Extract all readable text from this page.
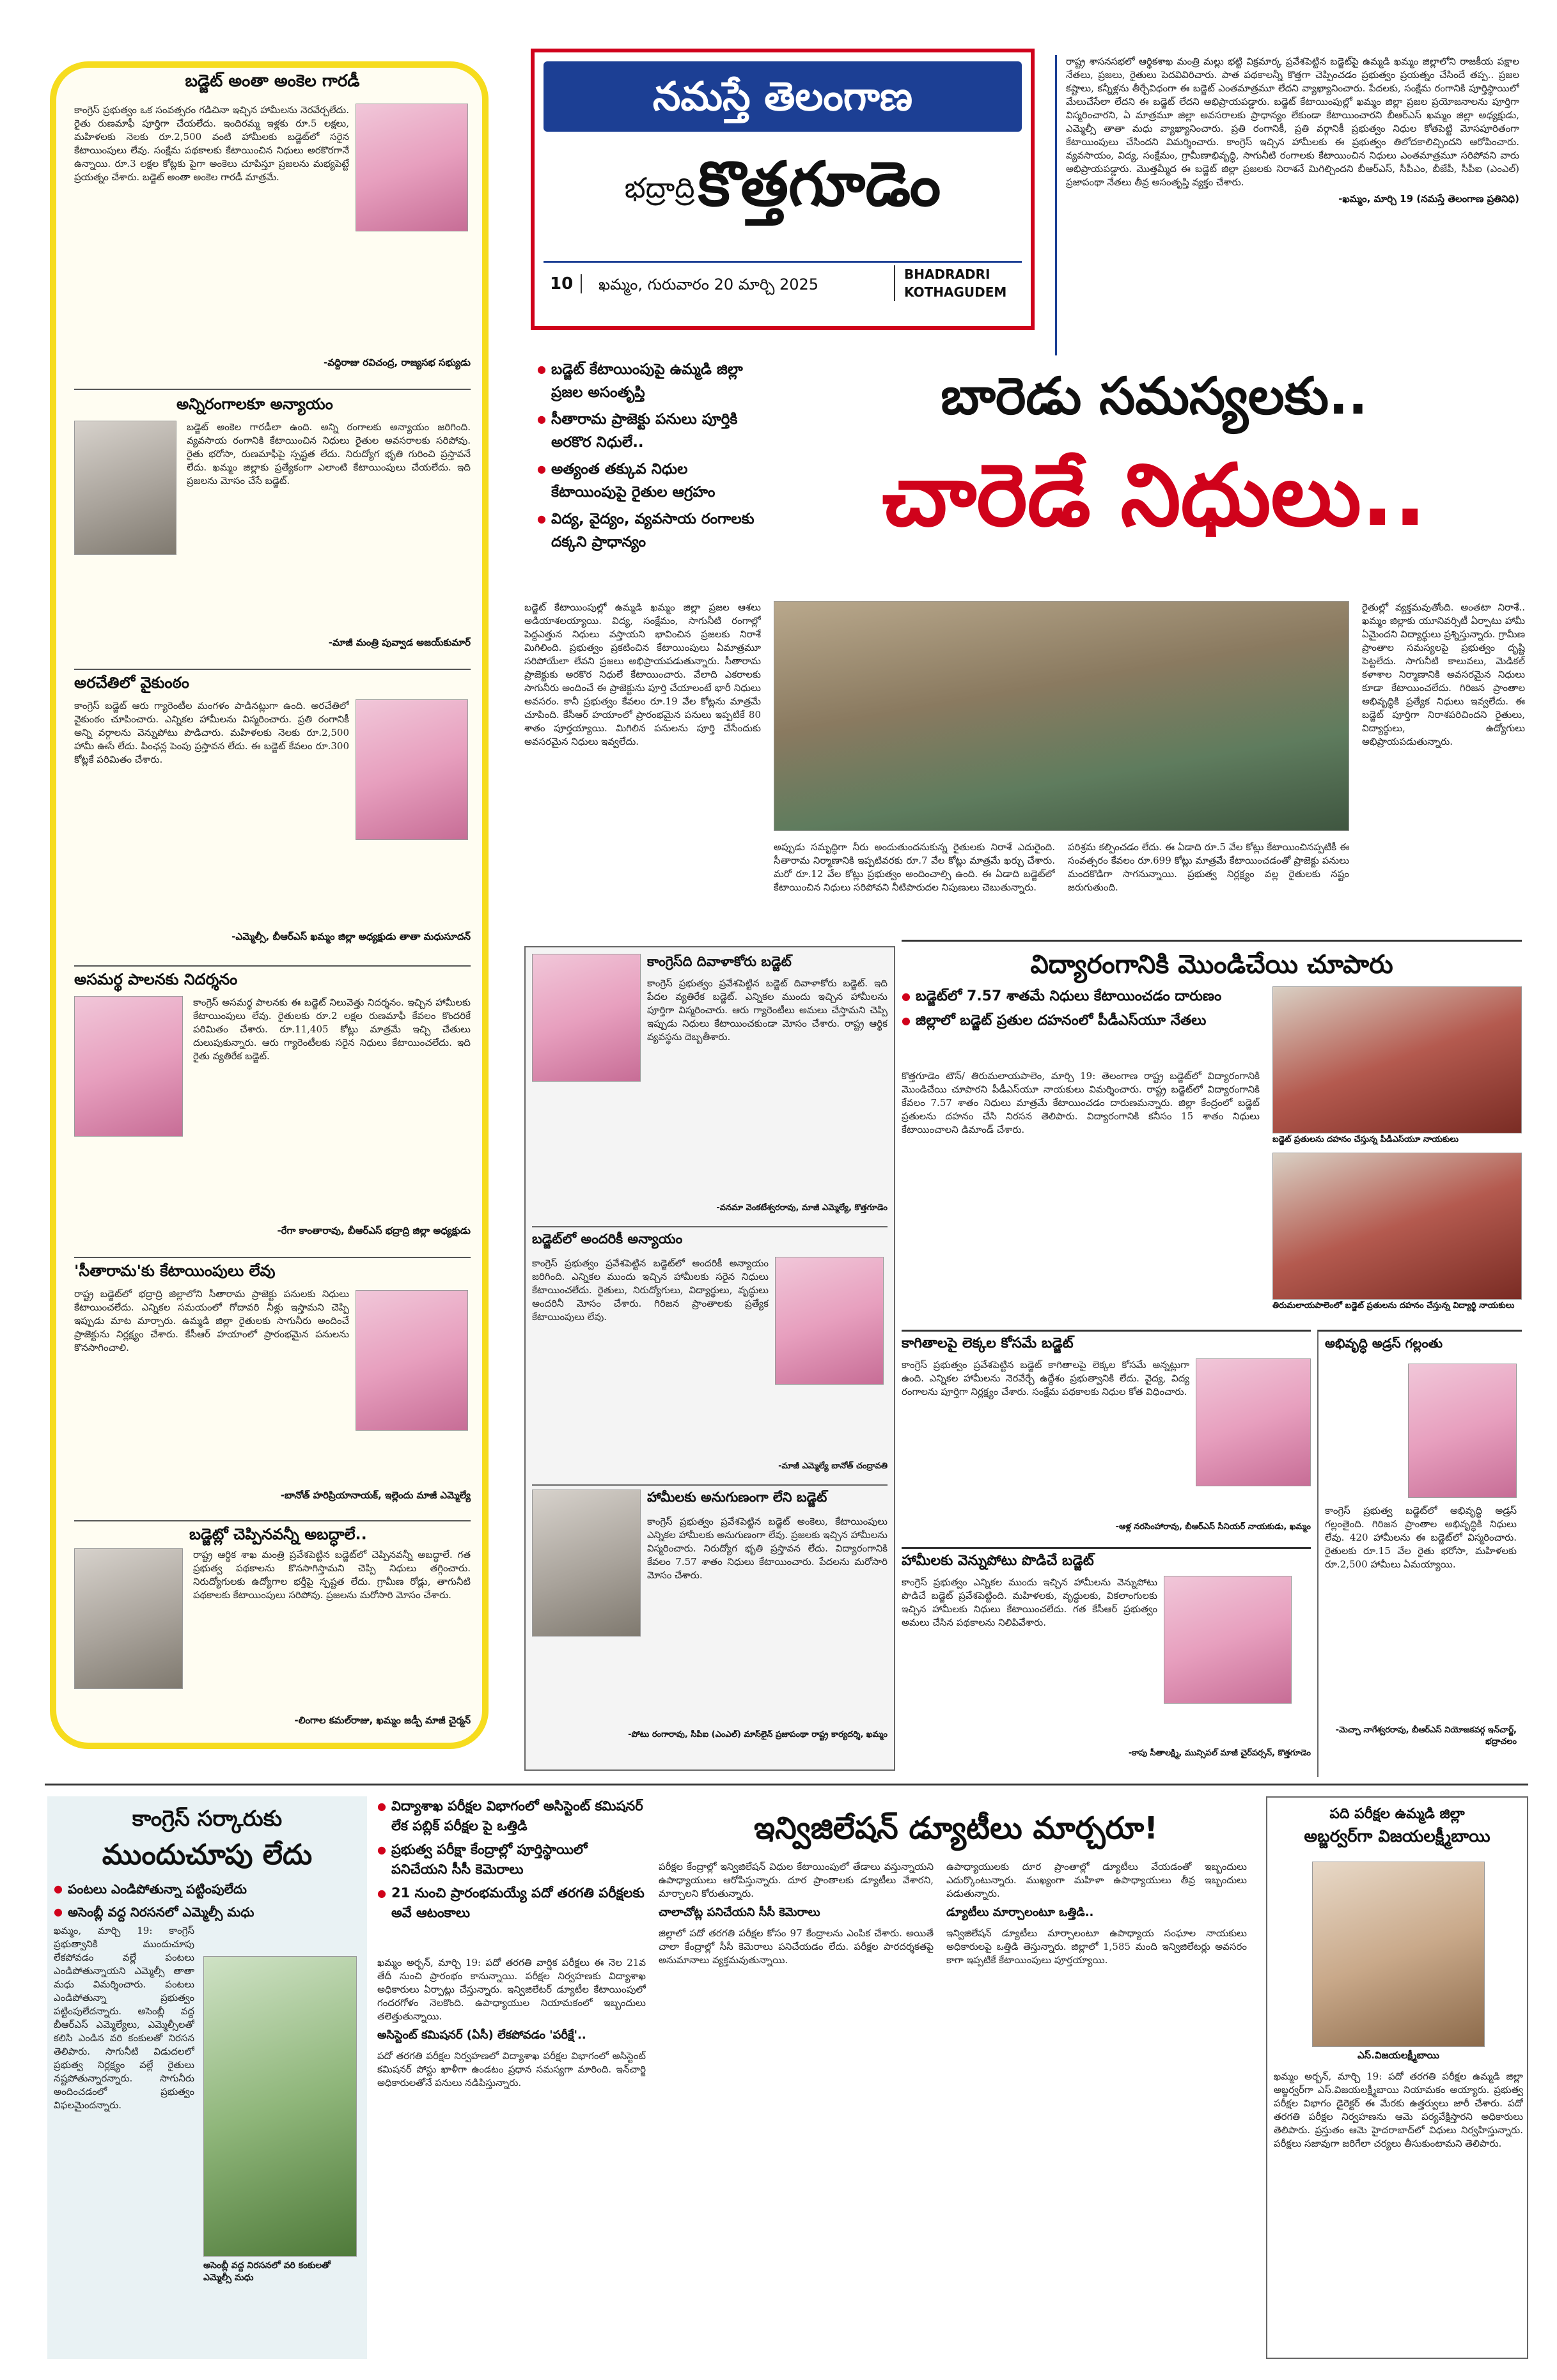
బడ్జెట్ అంతా అంకెల గారడీ
కాంగ్రెస్ ప్రభుత్వం ఒక సంవత్సరం గడిచినా ఇచ్చిన హామీలను నెరవేర్చలేదు. రైతు రుణమాఫీ పూర్తిగా చేయలేదు. ఇందిరమ్మ ఇళ్లకు రూ.5 లక్షలు, మహిళలకు నెలకు రూ.2,500 వంటి హామీలకు బడ్జెట్‌లో సరైన కేటాయింపులు లేవు. సంక్షేమ పథకాలకు కేటాయించిన నిధులు అరకొరగానే ఉన్నాయి. రూ.3 లక్షల కోట్లకు పైగా అంకెలు చూపిస్తూ ప్రజలను మభ్యపెట్టే ప్రయత్నం చేశారు. బడ్జెట్ అంతా అంకెల గారడీ మాత్రమే.
-వద్దిరాజు రవిచంద్ర, రాజ్యసభ సభ్యుడు
అన్నిరంగాలకూ అన్యాయం
బడ్జెట్ అంకెల గారడీలా ఉంది. అన్ని రంగాలకు అన్యాయం జరిగింది. వ్యవసాయ రంగానికి కేటాయించిన నిధులు రైతుల అవసరాలకు సరిపోవు. రైతు భరోసా, రుణమాఫీపై స్పష్టత లేదు. నిరుద్యోగ భృతి గురించి ప్రస్తావనే లేదు. ఖమ్మం జిల్లాకు ప్రత్యేకంగా ఎలాంటి కేటాయింపులు చేయలేదు. ఇది ప్రజలను మోసం చేసే బడ్జెట్.
-మాజీ మంత్రి పువ్వాడ అజయ్‌కుమార్
అరచేతిలో వైకుంఠం
కాంగ్రెస్ బడ్జెట్ ఆరు గ్యారెంటీల మంగళం పాడినట్లుగా ఉంది. అరచేతిలో వైకుంఠం చూపించారు. ఎన్నికల హామీలను విస్మరించారు. ప్రతి రంగానికీ అన్ని వర్గాలను వెన్నుపోటు పొడిచారు. మహిళలకు నెలకు రూ.2,500 హామీ ఊసే లేదు. పింఛన్ల పెంపు ప్రస్తావన లేదు. ఈ బడ్జెట్ కేవలం రూ.300 కోట్లకే పరిమితం చేశారు.
-ఎమ్మెల్సీ, బీఆర్ఎస్ ఖమ్మం జిల్లా అధ్యక్షుడు తాతా మధుసూదన్
అసమర్థ పాలనకు నిదర్శనం
కాంగ్రెస్ అసమర్థ పాలనకు ఈ బడ్జెట్ నిలువెత్తు నిదర్శనం. ఇచ్చిన హామీలకు కేటాయింపులు లేవు. రైతులకు రూ.2 లక్షల రుణమాఫీ కేవలం కొందరికే పరిమితం చేశారు. రూ.11,405 కోట్లు మాత్రమే ఇచ్చి చేతులు దులుపుకున్నారు. ఆరు గ్యారెంటీలకు సరైన నిధులు కేటాయించలేదు. ఇది రైతు వ్యతిరేక బడ్జెట్.
-రేగా కాంతారావు, బీఆర్ఎస్ భద్రాద్రి జిల్లా అధ్యక్షుడు
'సీతారామ'కు కేటాయింపులు లేవు
రాష్ట్ర బడ్జెట్‌లో భద్రాద్రి జిల్లాలోని సీతారామ ప్రాజెక్టు పనులకు నిధులు కేటాయించలేదు. ఎన్నికల సమయంలో గోదావరి నీళ్లు ఇస్తామని చెప్పి ఇప్పుడు మాట మార్చారు. ఉమ్మడి జిల్లా రైతులకు సాగునీరు అందించే ప్రాజెక్టును నిర్లక్ష్యం చేశారు. కేసీఆర్ హయాంలో ప్రారంభమైన పనులను కొనసాగించాలి.
-బానోత్ హరిప్రియానాయక్, ఇల్లెందు మాజీ ఎమ్మెల్యే
బడ్జెట్లో చెప్పినవన్నీ అబద్ధాలే..
రాష్ట్ర ఆర్థిక శాఖ మంత్రి ప్రవేశపెట్టిన బడ్జెట్‌లో చెప్పినవన్నీ అబద్ధాలే. గత ప్రభుత్వ పథకాలను కొనసాగిస్తామని చెప్పి నిధులు తగ్గించారు. నిరుద్యోగులకు ఉద్యోగాల భర్తీపై స్పష్టత లేదు. గ్రామీణ రోడ్లు, తాగునీటి పథకాలకు కేటాయింపులు సరిపోవు. ప్రజలను మరోసారి మోసం చేశారు.
-లింగాల కమల్‌రాజు, ఖమ్మం జడ్పీ మాజీ చైర్మన్
నమస్తే తెలంగాణ
భద్రాద్రి కొత్తగూడెం
10	ఖమ్మం, గురువారం 20 మార్చి 2025
BHADRADRI
KOTHAGUDEM
రాష్ట్ర శాసనసభలో ఆర్థికశాఖ మంత్రి మల్లు భట్టి విక్రమార్క ప్రవేశపెట్టిన బడ్జెట్‌పై ఉమ్మడి ఖమ్మం జిల్లాలోని రాజకీయ పక్షాల నేతలు, ప్రజలు, రైతులు పెదవివిరిచారు. పాత పథకాలన్నీ కొత్తగా చెప్పించడం ప్రభుత్వం ప్రయత్నం చేసిందే తప్ప.. ప్రజల కష్టాలు, కన్నీళ్లను తీర్చేవిధంగా ఈ బడ్జెట్ ఎంతమాత్రమూ లేదని వ్యాఖ్యానించారు. పేదలకు, సంక్షేమ రంగానికి పూర్తిస్థాయిలో మేలుచేసేలా లేదని ఈ బడ్జెట్ లేదని అభిప్రాయపడ్డారు. బడ్జెట్ కేటాయింపుల్లో ఖమ్మం జిల్లా ప్రజల ప్రయోజనాలను పూర్తిగా విస్మరించారని, ఏ మాత్రమూ జిల్లా అవసరాలకు ప్రాధాన్యం లేకుండా కేటాయించారని బీఆర్ఎస్ ఖమ్మం జిల్లా అధ్యక్షుడు, ఎమ్మెల్సీ తాతా మధు వ్యాఖ్యానించారు. ప్రతి రంగానికీ, ప్రతి వర్గానికీ ప్రభుత్వం నిధుల కోతపెట్టి మోసపూరితంగా కేటాయింపులు చేసిందని విమర్శించారు. కాంగ్రెస్ ఇచ్చిన హామీలకు ఈ ప్రభుత్వం తిలోదకాలిచ్చిందని ఆరోపించారు. వ్యవసాయం, విద్య, సంక్షేమం, గ్రామీణాభివృద్ధి, సాగునీటి రంగాలకు కేటాయించిన నిధులు ఎంతమాత్రమూ సరిపోవని వారు అభిప్రాయపడ్డారు. మొత్తమ్మీద ఈ బడ్జెట్ జిల్లా ప్రజలకు నిరాశనే మిగిల్చిందని బీఆర్ఎస్, సీపీఎం, బీజేపీ, సీపీఐ (ఎంఎల్) ప్రజాపంథా నేతలు తీవ్ర అసంతృప్తి వ్యక్తం చేశారు.
-ఖమ్మం, మార్చి 19 (నమస్తే తెలంగాణ ప్రతినిధి)
● బడ్జెట్ కేటాయింపుపై ఉమ్మడి జిల్లా ప్రజల అసంతృప్తి
● సీతారామ ప్రాజెక్టు పనులు పూర్తికి అరకొర నిధులే..
● అత్యంత తక్కువ నిధుల కేటాయింపుపై రైతుల ఆగ్రహం
● విద్య, వైద్యం, వ్యవసాయ రంగాలకు దక్కని ప్రాధాన్యం
బారెడు సమస్యలకు..
చారెడే నిధులు..
బడ్జెట్ కేటాయింపుల్లో ఉమ్మడి ఖమ్మం జిల్లా ప్రజల ఆశలు అడియాశలయ్యాయి. విద్య, సంక్షేమం, సాగునీటి రంగాల్లో పెద్దఎత్తున నిధులు వస్తాయని భావించిన ప్రజలకు నిరాశే మిగిలింది. ప్రభుత్వం ప్రకటించిన కేటాయింపులు ఏమాత్రమూ సరిపోయేలా లేవని ప్రజలు అభిప్రాయపడుతున్నారు. సీతారామ ప్రాజెక్టుకు అరకొర నిధులే కేటాయించారు. వేలాది ఎకరాలకు సాగునీరు అందించే ఈ ప్రాజెక్టును పూర్తి చేయాలంటే భారీ నిధులు అవసరం. కానీ ప్రభుత్వం కేవలం రూ.19 వేల కోట్లను మాత్రమే చూపింది. కేసీఆర్ హయాంలో ప్రారంభమైన పనులు ఇప్పటికే 80 శాతం పూర్తయ్యాయి. మిగిలిన పనులను పూర్తి చేసేందుకు అవసరమైన నిధులు ఇవ్వలేదు.
అప్పుడు సమృద్ధిగా నీరు అందుతుందనుకున్న రైతులకు నిరాశే ఎదురైంది. సీతారామ నిర్మాణానికి ఇప్పటివరకు రూ.7 వేల కోట్లు మాత్రమే ఖర్చు చేశారు. మరో రూ.12 వేల కోట్లు ప్రభుత్వం అందించాల్సి ఉంది. ఈ ఏడాది బడ్జెట్‌లో కేటాయించిన నిధులు సరిపోవని నీటిపారుదల నిపుణులు చెబుతున్నారు.
పరిశ్రమ కల్పించడం లేదు. ఈ ఏడాది రూ.5 వేల కోట్లు కేటాయించినప్పటికీ ఈ సంవత్సరం కేవలం రూ.699 కోట్లు మాత్రమే కేటాయించడంతో ప్రాజెక్టు పనులు మందకొడిగా సాగనున్నాయి. ప్రభుత్వ నిర్లక్ష్యం వల్ల రైతులకు నష్టం జరుగుతుంది.
రైతుల్లో వ్యక్తమవుతోంది. అంతటా నిరాశే.. ఖమ్మం జిల్లాకు యూనివర్సిటీ ఏర్పాటు హామీ ఏమైందని విద్యార్థులు ప్రశ్నిస్తున్నారు. గ్రామీణ ప్రాంతాల సమస్యలపై ప్రభుత్వం దృష్టి పెట్టలేదు. సాగునీటి కాలువలు, మెడికల్ కళాశాల నిర్మాణానికి అవసరమైన నిధులు కూడా కేటాయించలేదు. గిరిజన ప్రాంతాల అభివృద్ధికి ప్రత్యేక నిధులు ఇవ్వలేదు. ఈ బడ్జెట్ పూర్తిగా నిరాశపరిచిందని రైతులు, విద్యార్థులు, ఉద్యోగులు అభిప్రాయపడుతున్నారు.
కాంగ్రెస్‌ది దివాళాకోరు బడ్జెట్
కాంగ్రెస్ ప్రభుత్వం ప్రవేశపెట్టిన బడ్జెట్ దివాళాకోరు బడ్జెట్. ఇది పేదల వ్యతిరేక బడ్జెట్. ఎన్నికల ముందు ఇచ్చిన హామీలను పూర్తిగా విస్మరించారు. ఆరు గ్యారెంటీలు అమలు చేస్తామని చెప్పి ఇప్పుడు నిధులు కేటాయించకుండా మోసం చేశారు. రాష్ట్ర ఆర్థిక వ్యవస్థను దెబ్బతీశారు.
-వనమా వెంకటేశ్వరరావు, మాజీ ఎమ్మెల్యే, కొత్తగూడెం
బడ్జెట్‌లో అందరికీ అన్యాయం
కాంగ్రెస్ ప్రభుత్వం ప్రవేశపెట్టిన బడ్జెట్‌లో అందరికీ అన్యాయం జరిగింది. ఎన్నికల ముందు ఇచ్చిన హామీలకు సరైన నిధులు కేటాయించలేదు. రైతులు, నిరుద్యోగులు, విద్యార్థులు, వృద్ధులు అందరినీ మోసం చేశారు. గిరిజన ప్రాంతాలకు ప్రత్యేక కేటాయింపులు లేవు.
-మాజీ ఎమ్మెల్యే బానోత్ చంద్రావతి
హామీలకు అనుగుణంగా లేని బడ్జెట్
కాంగ్రెస్ ప్రభుత్వం ప్రవేశపెట్టిన బడ్జెట్ అంకెలు, కేటాయింపులు ఎన్నికల హామీలకు అనుగుణంగా లేవు. ప్రజలకు ఇచ్చిన హామీలను విస్మరించారు. నిరుద్యోగ భృతి ప్రస్తావన లేదు. విద్యారంగానికి కేవలం 7.57 శాతం నిధులు కేటాయించారు. పేదలను మరోసారి మోసం చేశారు.
-పోటు రంగారావు, సీపీఐ (ఎంఎల్) మాస్‌లైన్ ప్రజాపంథా రాష్ట్ర కార్యదర్శి, ఖమ్మం
విద్యారంగానికి మొండిచేయి చూపారు
● బడ్జెట్‌లో 7.57 శాతమే నిధులు కేటాయించడం దారుణం
● జిల్లాలో బడ్జెట్ ప్రతుల దహనంలో పీడీఎస్‌యూ నేతలు
కొత్తగూడెం టౌన్/ తిరుమలాయపాలెం, మార్చి 19: తెలంగాణ రాష్ట్ర బడ్జెట్‌లో విద్యారంగానికి మొండిచేయి చూపారని పీడీఎస్‌యూ నాయకులు విమర్శించారు. రాష్ట్ర బడ్జెట్‌లో విద్యారంగానికి కేవలం 7.57 శాతం నిధులు మాత్రమే కేటాయించడం దారుణమన్నారు. జిల్లా కేంద్రంలో బడ్జెట్ ప్రతులను దహనం చేసి నిరసన తెలిపారు. విద్యారంగానికి కనీసం 15 శాతం నిధులు కేటాయించాలని డిమాండ్ చేశారు.
బడ్జెట్ ప్రతులను దహనం చేస్తున్న పీడీఎస్‌యూ నాయకులు
తిరుమలాయపాలెంలో బడ్జెట్ ప్రతులను దహనం చేస్తున్న విద్యార్థి నాయకులు
కాగితాలపై లెక్కల కోసమే బడ్జెట్
కాంగ్రెస్ ప్రభుత్వం ప్రవేశపెట్టిన బడ్జెట్ కాగితాలపై లెక్కల కోసమే అన్నట్లుగా ఉంది. ఎన్నికల హామీలను నెరవేర్చే ఉద్దేశం ప్రభుత్వానికి లేదు. వైద్య, విద్య రంగాలను పూర్తిగా నిర్లక్ష్యం చేశారు. సంక్షేమ పథకాలకు నిధుల కోత విధించారు.
-ఆళ్ల నరసింహారావు, బీఆర్ఎస్ సీనియర్ నాయకుడు, ఖమ్మం
అభివృద్ధి అడ్రస్ గల్లంతు
కాంగ్రెస్ ప్రభుత్వ బడ్జెట్‌లో అభివృద్ధి అడ్రస్ గల్లంతైంది. గిరిజన ప్రాంతాల అభివృద్ధికి నిధులు లేవు. 420 హామీలను ఈ బడ్జెట్‌లో విస్మరించారు. రైతులకు రూ.15 వేల రైతు భరోసా, మహిళలకు రూ.2,500 హామీలు ఏమయ్యాయి.
-మెచ్చా నాగేశ్వరరావు, బీఆర్ఎస్ నియోజకవర్గ ఇన్‌చార్జ్, భద్రాచలం
హామీలకు వెన్నుపోటు పొడిచే బడ్జెట్
కాంగ్రెస్ ప్రభుత్వం ఎన్నికల ముందు ఇచ్చిన హామీలను వెన్నుపోటు పొడిచే బడ్జెట్ ప్రవేశపెట్టింది. మహిళలకు, వృద్ధులకు, వికలాంగులకు ఇచ్చిన హామీలకు నిధులు కేటాయించలేదు. గత కేసీఆర్ ప్రభుత్వం అమలు చేసిన పథకాలను నిలిపివేశారు.
-కాపు సీతాలక్ష్మి, మున్సిపల్ మాజీ చైర్‌పర్సన్, కొత్తగూడెం
కాంగ్రెస్ సర్కారుకు
ముందుచూపు లేదు
● పంటలు ఎండిపోతున్నా పట్టింపులేదు
● అసెంబ్లీ వద్ద నిరసనలో ఎమ్మెల్సీ మధు
ఖమ్మం, మార్చి 19: కాంగ్రెస్ ప్రభుత్వానికి ముందుచూపు లేకపోవడం వల్లే పంటలు ఎండిపోతున్నాయని ఎమ్మెల్సీ తాతా మధు విమర్శించారు. పంటలు ఎండిపోతున్నా ప్రభుత్వం పట్టింపులేదన్నారు. అసెంబ్లీ వద్ద బీఆర్ఎస్ ఎమ్మెల్యేలు, ఎమ్మెల్సీలతో కలిసి ఎండిన వరి కంకులతో నిరసన తెలిపారు. సాగునీటి విడుదలలో ప్రభుత్వ నిర్లక్ష్యం వల్లే రైతులు నష్టపోతున్నారన్నారు. సాగునీరు అందించడంలో ప్రభుత్వం విఫలమైందన్నారు.
అసెంబ్లీ వద్ద నిరసనలో వరి కంకులతో ఎమ్మెల్సీ మధు
● విద్యాశాఖ పరీక్షల విభాగంలో అసిస్టెంట్ కమిషనర్ లేక పబ్లిక్ పరీక్షల పై ఒత్తిడి
● ప్రభుత్వ పరీక్షా కేంద్రాల్లో పూర్తిస్థాయిలో పనిచేయని సీసీ కెమెరాలు
● 21 నుంచి ప్రారంభమయ్యే పదో తరగతి పరీక్షలకు అవే ఆటంకాలు
ఇన్విజిలేషన్ డ్యూటీలు మార్చరూ!
ఖమ్మం అర్బన్, మార్చి 19: పదో తరగతి వార్షిక పరీక్షలు ఈ నెల 21వ తేదీ నుంచి ప్రారంభం కానున్నాయి. పరీక్షల నిర్వహణకు విద్యాశాఖ అధికారులు ఏర్పాట్లు చేస్తున్నారు. ఇన్విజిలేటర్ డ్యూటీల కేటాయింపులో గందరగోళం నెలకొంది. ఉపాధ్యాయుల నియామకంలో ఇబ్బందులు తలెత్తుతున్నాయి.
అసిస్టెంట్ కమిషనర్ (ఏసీ) లేకపోవడం 'పరీక్షే'..
పదో తరగతి పరీక్షల నిర్వహణలో విద్యాశాఖ పరీక్షల విభాగంలో అసిస్టెంట్ కమిషనర్ పోస్టు ఖాళీగా ఉండటం ప్రధాన సమస్యగా మారింది. ఇన్‌చార్జి అధికారులతోనే పనులు నడిపిస్తున్నారు.
పరీక్షల కేంద్రాల్లో ఇన్విజిలేషన్ విధుల కేటాయింపులో తేడాలు వస్తున్నాయని ఉపాధ్యాయులు ఆరోపిస్తున్నారు. దూర ప్రాంతాలకు డ్యూటీలు వేశారని, మార్చాలని కోరుతున్నారు.
చాలాచోట్ల పనిచేయని సీసీ కెమెరాలు
జిల్లాలో పదో తరగతి పరీక్షల కోసం 97 కేంద్రాలను ఎంపిక చేశారు. అయితే చాలా కేంద్రాల్లో సీసీ కెమెరాలు పనిచేయడం లేదు. పరీక్షల పారదర్శకతపై అనుమానాలు వ్యక్తమవుతున్నాయి.
ఉపాధ్యాయులకు దూర ప్రాంతాల్లో డ్యూటీలు వేయడంతో ఇబ్బందులు ఎదుర్కొంటున్నారు. ముఖ్యంగా మహిళా ఉపాధ్యాయులు తీవ్ర ఇబ్బందులు పడుతున్నారు.
డ్యూటీలు మార్చాలంటూ ఒత్తిడి..
ఇన్విజిలేషన్ డ్యూటీలు మార్చాలంటూ ఉపాధ్యాయ సంఘాల నాయకులు అధికారులపై ఒత్తిడి తెస్తున్నారు. జిల్లాలో 1,585 మంది ఇన్విజిలేటర్లు అవసరం కాగా ఇప్పటికే కేటాయింపులు పూర్తయ్యాయి.
పది పరీక్షల ఉమ్మడి జిల్లా
అబ్జర్వర్‌గా విజయలక్ష్మీబాయి
ఎస్.విజయలక్ష్మీబాయి
ఖమ్మం అర్బన్, మార్చి 19: పదో తరగతి పరీక్షల ఉమ్మడి జిల్లా అబ్జర్వర్‌గా ఎస్.విజయలక్ష్మీబాయి నియామకం అయ్యారు. ప్రభుత్వ పరీక్షల విభాగం డైరెక్టర్ ఈ మేరకు ఉత్తర్వులు జారీ చేశారు. పదో తరగతి పరీక్షల నిర్వహణను ఆమె పర్యవేక్షిస్తారని అధికారులు తెలిపారు. ప్రస్తుతం ఆమె హైదరాబాద్‌లో విధులు నిర్వహిస్తున్నారు. పరీక్షలు సజావుగా జరిగేలా చర్యలు తీసుకుంటామని తెలిపారు.
